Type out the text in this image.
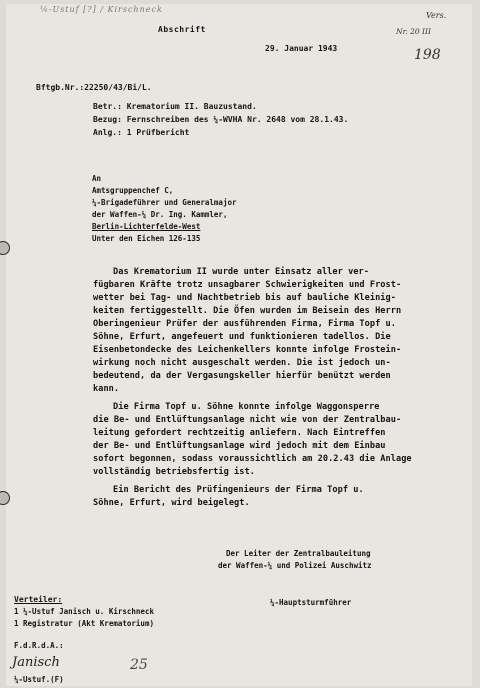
¼-Ustuf [?] / Kirschneck
Abschrift
29. Januar 1943
Vers.
Nr. 20 III
198
Bftgb.Nr.:22250/43/Bi/L.
Betr.: Krematorium II. Bauzustand.
Bezug: Fernschreiben des ¼-WVHA Nr. 2648 vom 28.1.43.
Anlg.: 1 Prüfbericht
An
Amtsgruppenchef C,
¼-Brigadeführer und Generalmajor
der Waffen-¼ Dr. Ing. Kammler,
Berlin-Lichterfelde-West
Unter den Eichen 126-135
Das Krematorium II wurde unter Einsatz aller ver-
fügbaren Kräfte trotz unsagbarer Schwierigkeiten und Frost-
wetter bei Tag- und Nachtbetrieb bis auf bauliche Kleinig-
keiten fertiggestellt. Die Öfen wurden im Beisein des Herrn
Oberingenieur Prüfer der ausführenden Firma, Firma Topf u.
Söhne, Erfurt, angefeuert und funktionieren tadellos. Die
Eisenbetondecke des Leichenkellers konnte infolge Frostein-
wirkung noch nicht ausgeschalt werden. Die ist jedoch un-
bedeutend, da der Vergasungskeller hierfür benützt werden
kann.
Die Firma Topf u. Söhne konnte infolge Waggonsperre
die Be- und Entlüftungsanlage nicht wie von der Zentralbau-
leitung gefordert rechtzeitig anliefern. Nach Eintreffen
der Be- und Entlüftungsanlage wird jedoch mit dem Einbau
sofort begonnen, sodass voraussichtlich am 20.2.43 die Anlage
vollständig betriebsfertig ist.
Ein Bericht des Prüfingenieurs der Firma Topf u.
Söhne, Erfurt, wird beigelegt.
Der Leiter der Zentralbauleitung
der Waffen-¼ und Polizei Auschwitz
¼-Hauptsturmführer
Verteiler:
1 ¼-Ustuf Janisch u. Kirschneck
1 Registratur (Akt Krematorium)
F.d.R.d.A.:
Janisch
¼-Ustuf.(F)
25
